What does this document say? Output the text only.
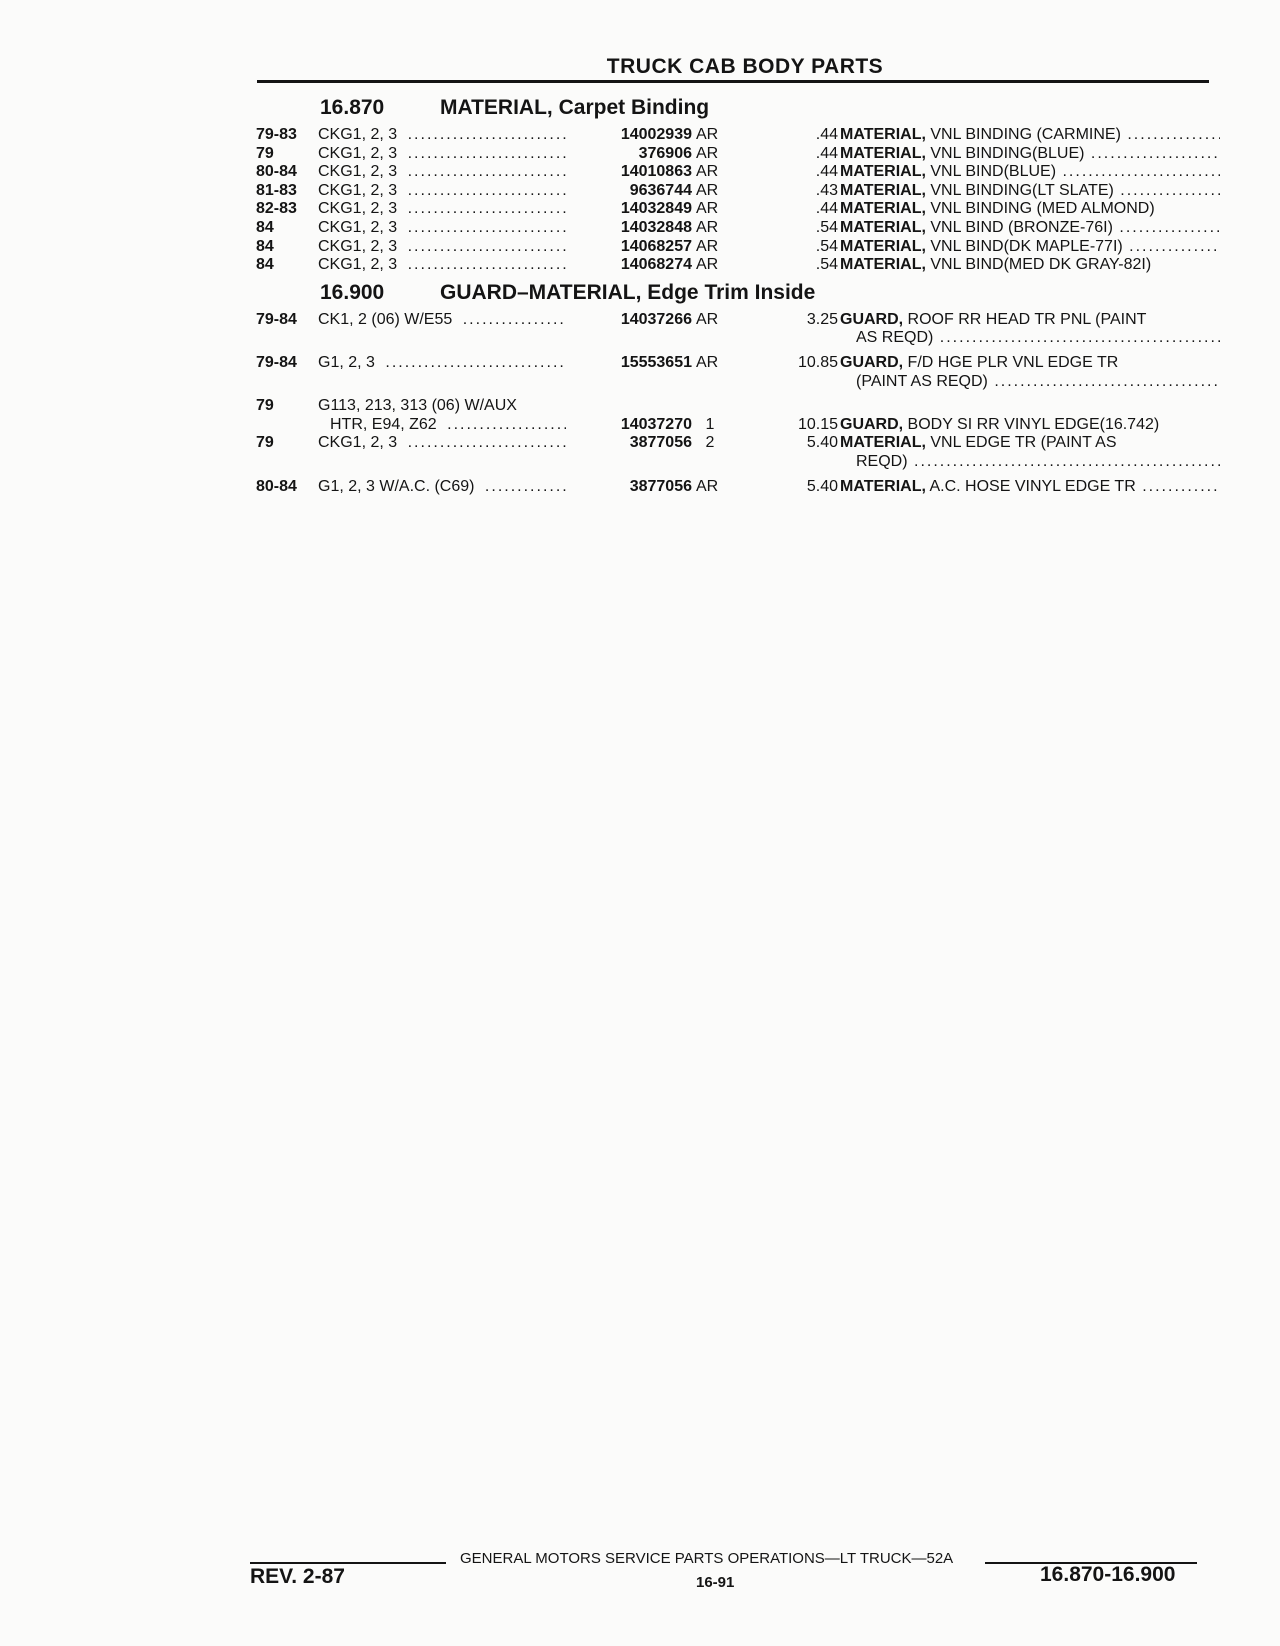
TRUCK CAB BODY PARTS
16.870	MATERIAL, Carpet Binding
79-83	CKG1, 2, 3 .....	14002939 AR	.44 MATERIAL, VNL BINDING (CARMINE) .....
79	CKG1, 2, 3 .....	376906 AR	.44 MATERIAL, VNL BINDING(BLUE) .....
80-84	CKG1, 2, 3 .....	14010863 AR	.44 MATERIAL, VNL BIND(BLUE) .....
81-83	CKG1, 2, 3 .....	9636744 AR	.43 MATERIAL, VNL BINDING(LT SLATE) .....
82-83	CKG1, 2, 3 .....	14032849 AR	.44 MATERIAL, VNL BINDING (MED ALMOND)
84	CKG1, 2, 3 .....	14032848 AR	.54 MATERIAL, VNL BIND (BRONZE-76I) .....
84	CKG1, 2, 3 .....	14068257 AR	.54 MATERIAL, VNL BIND(DK MAPLE-77I) .....
84	CKG1, 2, 3 .....	14068274 AR	.54 MATERIAL, VNL BIND(MED DK GRAY-82I)
16.900	GUARD–MATERIAL, Edge Trim Inside
79-84	CK1, 2 (06) W/E55 .....	14037266 AR	3.25 GUARD, ROOF RR HEAD TR PNL (PAINT
AS REQD) .....
79-84	G1, 2, 3 .....	15553651 AR	10.85 GUARD, F/D HGE PLR VNL EDGE TR
(PAINT AS REQD) .....
79	G113, 213, 313 (06) W/AUX
HTR, E94, Z62 .....	14037270 1	10.15 GUARD, BODY SI RR VINYL EDGE(16.742)
79	CKG1, 2, 3 .....	3877056 2	5.40 MATERIAL, VNL EDGE TR (PAINT AS
REQD) .....
80-84	G1, 2, 3 W/A.C. (C69) .....	3877056 AR	5.40 MATERIAL, A.C. HOSE VINYL EDGE TR .....
GENERAL MOTORS SERVICE PARTS OPERATIONS—LT TRUCK—52A
REV. 2-87	16-91	16.870-16.900
